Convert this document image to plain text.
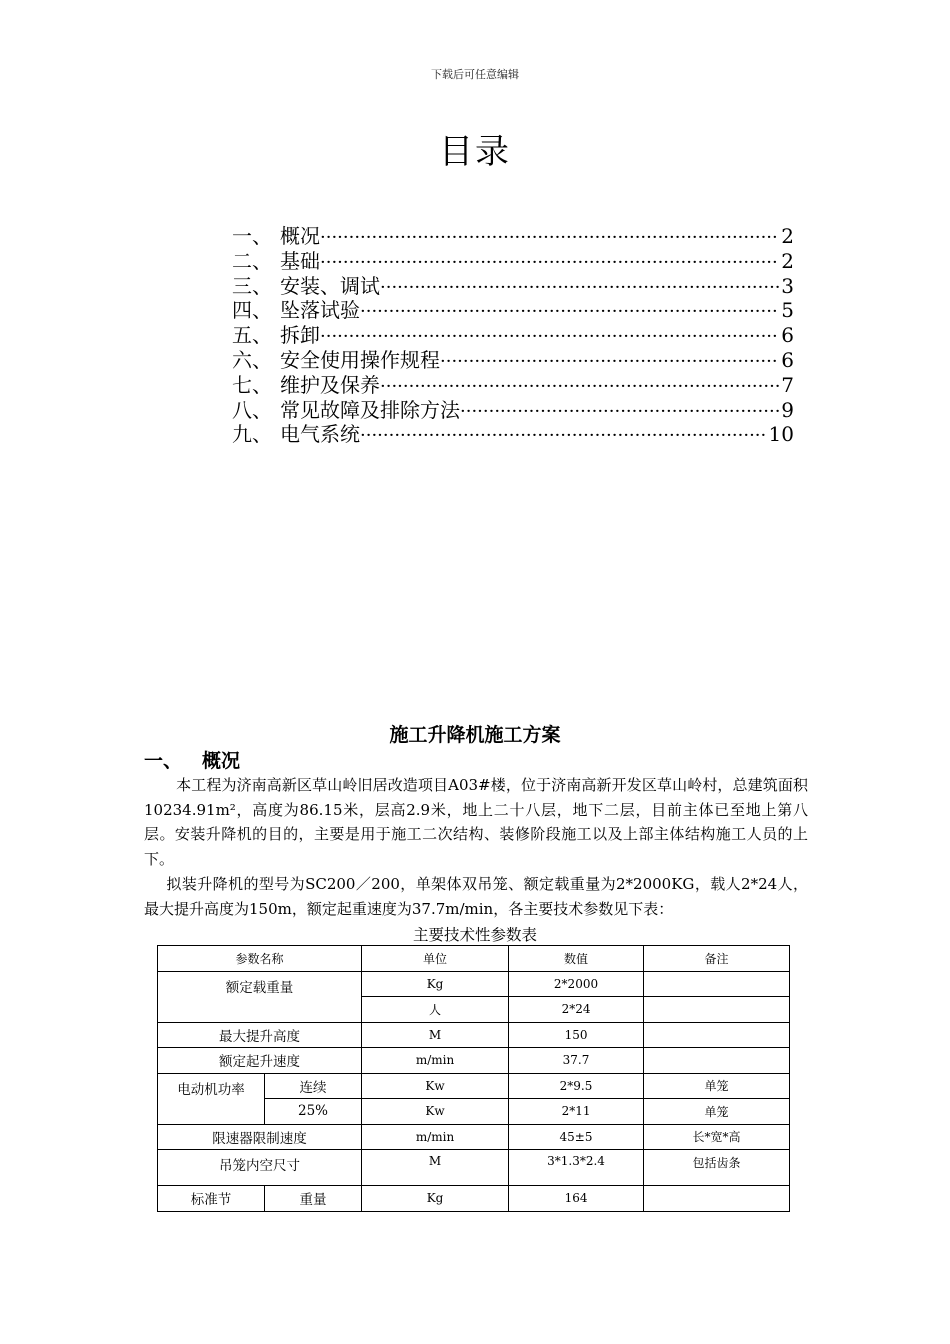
下载后可任意编辑
目录
一、 概况 ·····	2
二、 基础 ·····	2
三、 安装、调试 ·····	3
四、 坠落试验 ·····	5
五、 拆卸 ·····	6
六、 安全使用操作规程 ·····	6
七、 维护及保养 ·····	7
八、 常见故障及排除方法 ·····	9
九、 电气系统 ·····	10
施工升降机施工方案
一、 概况
本工程为济南高新区草山岭旧居改造项目A03#楼，位于济南高新开发区草山岭村，总建筑面积10234.91m²，高度为86.15米，层高2.9米，地上二十八层，地下二层，目前主体已至地上第八层。安装升降机的目的，主要是用于施工二次结构、装修阶段施工以及上部主体结构施工人员的上下。
拟装升降机的型号为SC200／200，单架体双吊笼、额定载重量为2*2000KG，载人2*24人，最大提升高度为150m，额定起重速度为37.7m/min，各主要技术参数见下表：
主要技术性参数表
参数名称		单位	数值	备注
额定载重量		Kg	2*2000	
		人	2*24	
最大提升高度		M	150	
额定起升速度		m/min	37.7	
电动机功率	连续	Kw	2*9.5	单笼
	25%	Kw	2*11	单笼
限速器限制速度		m/min	45±5	长*宽*高
吊笼内空尺寸		M	3*1.3*2.4	包括齿条
标准节	重量	Kg	164	
